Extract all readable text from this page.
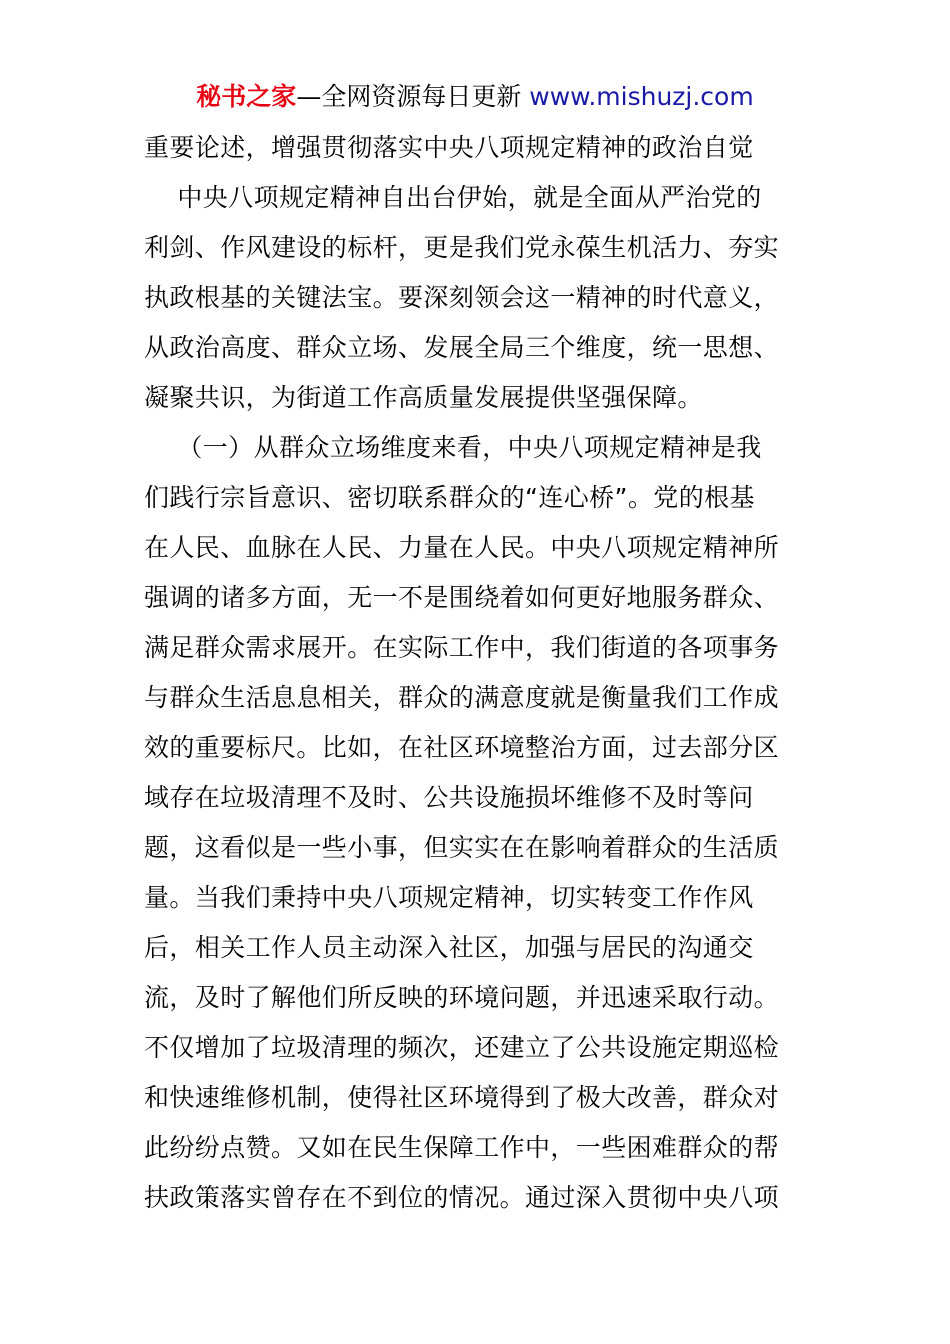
秘书之家—全网资源每日更新 www.mishuzj.com
重要论述，增强贯彻落实中央八项规定精神的政治自觉
中央八项规定精神自出台伊始，就是全面从严治党的
利剑、作风建设的标杆，更是我们党永葆生机活力、夯实
执政根基的关键法宝。要深刻领会这一精神的时代意义，
从政治高度、群众立场、发展全局三个维度，统一思想、
凝聚共识，为街道工作高质量发展提供坚强保障。
（一）从群众立场维度来看，中央八项规定精神是我
们践行宗旨意识、密切联系群众的“连心桥”。党的根基
在人民、血脉在人民、力量在人民。中央八项规定精神所
强调的诸多方面，无一不是围绕着如何更好地服务群众、
满足群众需求展开。在实际工作中，我们街道的各项事务
与群众生活息息相关，群众的满意度就是衡量我们工作成
效的重要标尺。比如，在社区环境整治方面，过去部分区
域存在垃圾清理不及时、公共设施损坏维修不及时等问
题，这看似是一些小事，但实实在在影响着群众的生活质
量。当我们秉持中央八项规定精神，切实转变工作作风
后，相关工作人员主动深入社区，加强与居民的沟通交
流，及时了解他们所反映的环境问题，并迅速采取行动。
不仅增加了垃圾清理的频次，还建立了公共设施定期巡检
和快速维修机制，使得社区环境得到了极大改善，群众对
此纷纷点赞。又如在民生保障工作中，一些困难群众的帮
扶政策落实曾存在不到位的情况。通过深入贯彻中央八项
